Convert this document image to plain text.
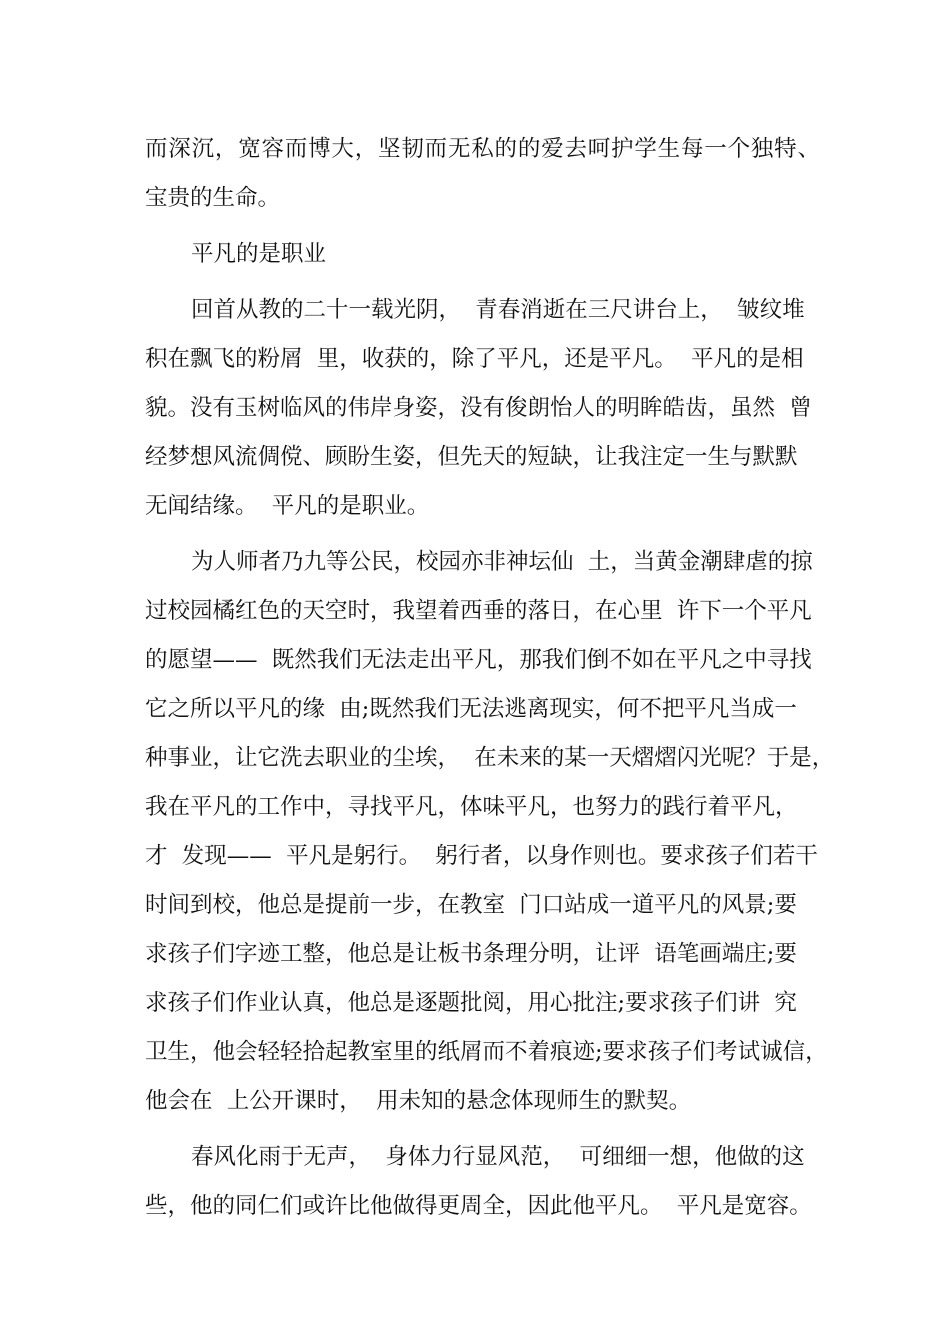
而深沉，宽容而博大，坚韧而无私的的爱去呵护学生每一个独特、
宝贵的生命。
平凡的是职业
回首从教的二十一载光阴，  青春消逝在三尺讲台上，  皱纹堆
积在飘飞的粉屑  里，收获的，除了平凡，还是平凡。  平凡的是相
貌。没有玉树临风的伟岸身姿，没有俊朗怡人的明眸皓齿，虽然  曾
经梦想风流倜傥、顾盼生姿，但先天的短缺，让我注定一生与默默
无闻结缘。  平凡的是职业。
为人师者乃九等公民，校园亦非神坛仙  土，当黄金潮肆虐的掠
过校园橘红色的天空时，我望着西垂的落日，在心里  许下一个平凡
的愿望——  既然我们无法走出平凡，那我们倒不如在平凡之中寻找
它之所以平凡的缘  由;既然我们无法逃离现实，何不把平凡当成一
种事业，让它洗去职业的尘埃，  在未来的某一天熠熠闪光呢？于是，
我在平凡的工作中，寻找平凡，体味平凡，也努力的践行着平凡，
才  发现——  平凡是躬行。  躬行者，以身作则也。要求孩子们若干
时间到校，他总是提前一步，在教室  门口站成一道平凡的风景;要
求孩子们字迹工整，他总是让板书条理分明，让评  语笔画端庄;要
求孩子们作业认真，他总是逐题批阅，用心批注;要求孩子们讲  究
卫生，他会轻轻拾起教室里的纸屑而不着痕迹;要求孩子们考试诚信，
他会在  上公开课时，  用未知的悬念体现师生的默契。
春风化雨于无声，  身体力行显风范，  可细细一想，他做的这
些，他的同仁们或许比他做得更周全，因此他平凡。  平凡是宽容。
